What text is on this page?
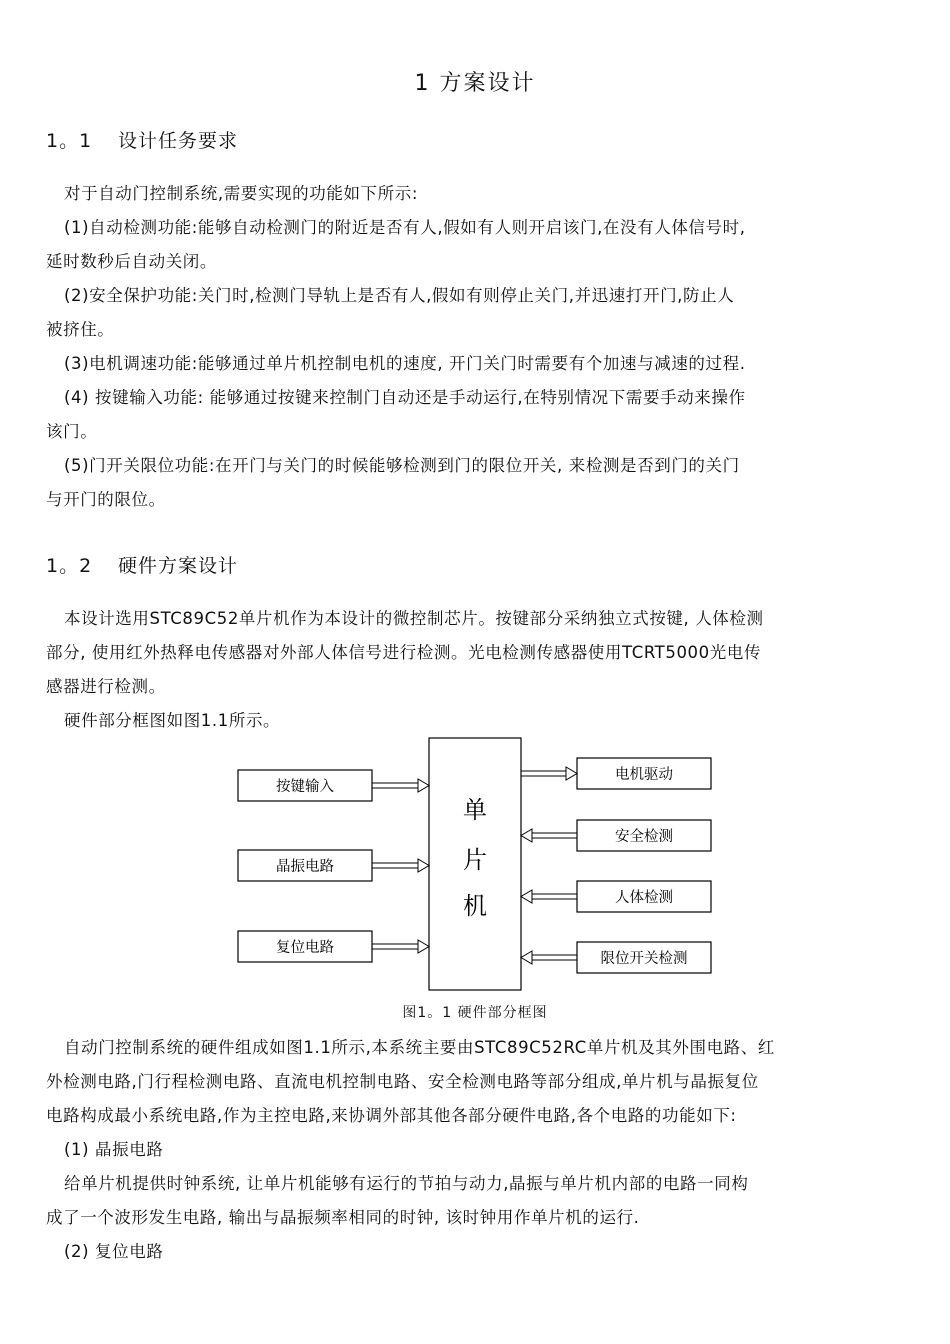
1 方案设计
1。1 设计任务要求
对于自动门控制系统,需要实现的功能如下所示:
(1)自动检测功能:能够自动检测门的附近是否有人,假如有人则开启该门,在没有人体信号时,
延时数秒后自动关闭。
(2)安全保护功能:关门时,检测门导轨上是否有人,假如有则停止关门,并迅速打开门,防止人
被挤住。
(3)电机调速功能:能够通过单片机控制电机的速度, 开门关门时需要有个加速与减速的过程.
(4) 按键输入功能: 能够通过按键来控制门自动还是手动运行,在特别情况下需要手动来操作
该门。
(5)门开关限位功能:在开门与关门的时候能够检测到门的限位开关, 来检测是否到门的关门
与开门的限位。
1。2 硬件方案设计
本设计选用STC89C52单片机作为本设计的微控制芯片。按键部分采纳独立式按键, 人体检测
部分, 使用红外热释电传感器对外部人体信号进行检测。光电检测传感器使用TCRT5000光电传
感器进行检测。
硬件部分框图如图1.1所示。
单
片
机
按键输入
晶振电路
复位电路
电机驱动
安全检测
人体检测
限位开关检测
图1。1 硬件部分框图
自动门控制系统的硬件组成如图1.1所示,本系统主要由STC89C52RC单片机及其外围电路、红
外检测电路,门行程检测电路、直流电机控制电路、安全检测电路等部分组成,单片机与晶振复位
电路构成最小系统电路,作为主控电路,来协调外部其他各部分硬件电路,各个电路的功能如下:
(1) 晶振电路
给单片机提供时钟系统, 让单片机能够有运行的节拍与动力,晶振与单片机内部的电路一同构
成了一个波形发生电路, 输出与晶振频率相同的时钟, 该时钟用作单片机的运行.
(2) 复位电路
